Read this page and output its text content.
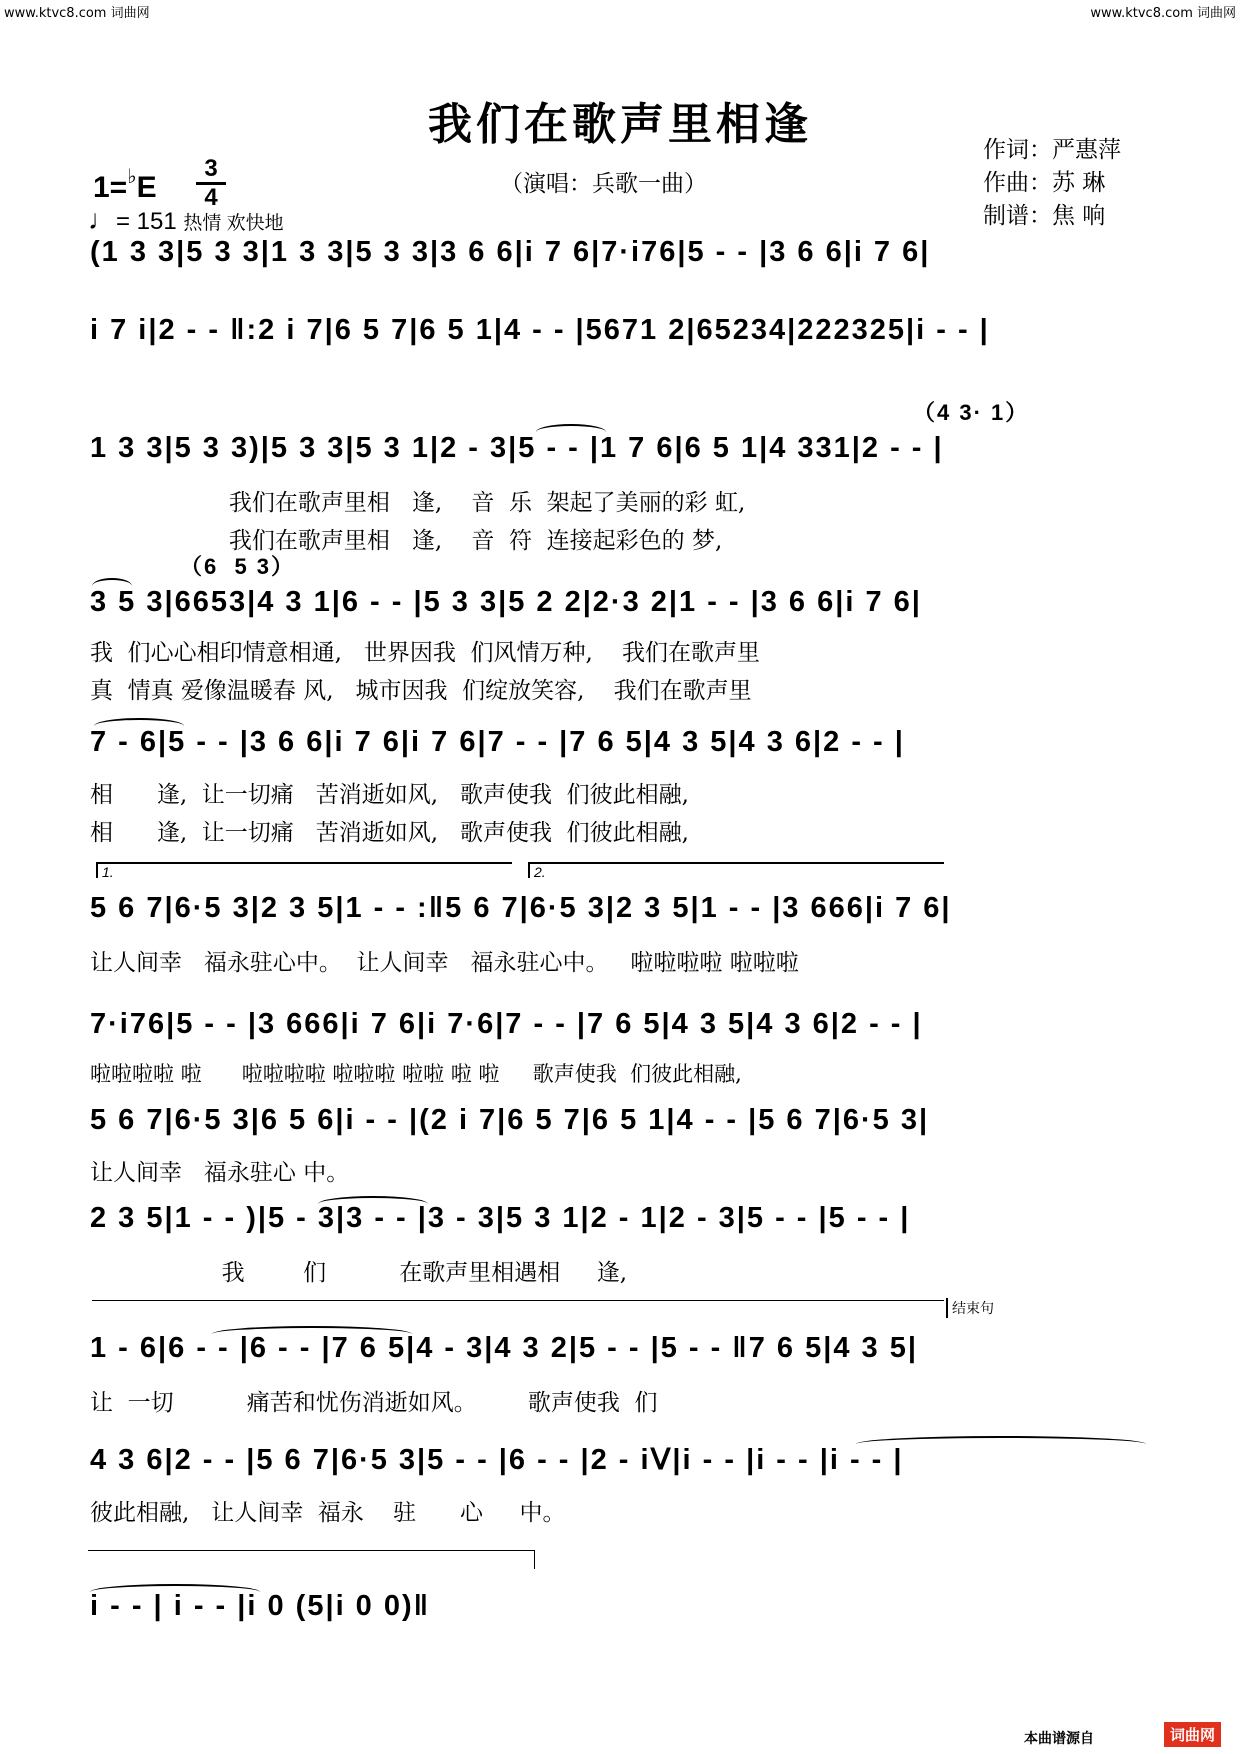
www.ktvc8.com 词曲网	www.ktvc8.com 词曲网
我们在歌声里相逢
（演唱：兵歌一曲）
作词：严惠萍
作曲：苏 琳
制谱：焦 响
1=♭E
3
4
♩= 151 热情 欢快地
(1 3 3|5 3 3|1 3 3|5 3 3|3 6 6|i 7 6|7·i76|5 - - |3 6 6|i 7 6|
i 7 i|2 - - ‖:2 i 7|6 5 7|6 5 1|4 - - |5671 2|65234|222325|i - - |
（4 3· 1）
1 3 3|5 3 3)|5 3 3|5 3 1|2 - 3|5 - - |1 7 6|6 5 1|4 331|2 - - |
我们在歌声里相   逢,    音  乐  架起了美丽的彩 虹,
我们在歌声里相   逢,    音  符  连接起彩色的 梦,
（6  5 3）
3 5 3|6653|4 3 1|6 - - |5 3 3|5 2 2|2·3 2|1 - - |3 6 6|i 7 6|
我  们心心相印情意相通,   世界因我  们风情万种,    我们在歌声里
真  情真 爱像温暖春 风,   城市因我  们绽放笑容,    我们在歌声里
7 - 6|5 - - |3 6 6|i 7 6|i 7 6|7 - - |7 6 5|4 3 5|4 3 6|2 - - |
相      逢,  让一切痛   苦消逝如风,   歌声使我  们彼此相融,
相      逢,  让一切痛   苦消逝如风,   歌声使我  们彼此相融,
1.	2.
5 6 7|6·5 3|2 3 5|1 - - :‖5 6 7|6·5 3|2 3 5|1 - - |3 666|i 7 6|
让人间幸   福永驻心中。  让人间幸   福永驻心中。   啦啦啦啦 啦啦啦
7·i76|5 - - |3 666|i 7 6|i 7·6|7 - - |7 6 5|4 3 5|4 3 6|2 - - |
啦啦啦啦 啦      啦啦啦啦 啦啦啦 啦啦 啦 啦     歌声使我  们彼此相融,
5 6 7|6·5 3|6 5 6|i - - |(2 i 7|6 5 7|6 5 1|4 - - |5 6 7|6·5 3|
让人间幸   福永驻心 中。
2 3 5|1 - - )|5 - 3|3 - - |3 - 3|5 3 1|2 - 1|2 - 3|5 - - |5 - - |
我        们          在歌声里相遇相     逢,
结束句
1 - 6|6 - - |6 - - |7 6 5|4 - 3|4 3 2|5 - - |5 - - ‖7 6 5|4 3 5|
让  一切          痛苦和忧伤消逝如风。       歌声使我  们
4 3 6|2 - - |5 6 7|6·5 3|5 - - |6 - - |2 - iᐯ|i - - |i - - |i - - |
彼此相融,   让人间幸  福永    驻      心     中。
i - - | i - - |i 0 (5|i 0 0)‖
本曲谱源自	词曲网
